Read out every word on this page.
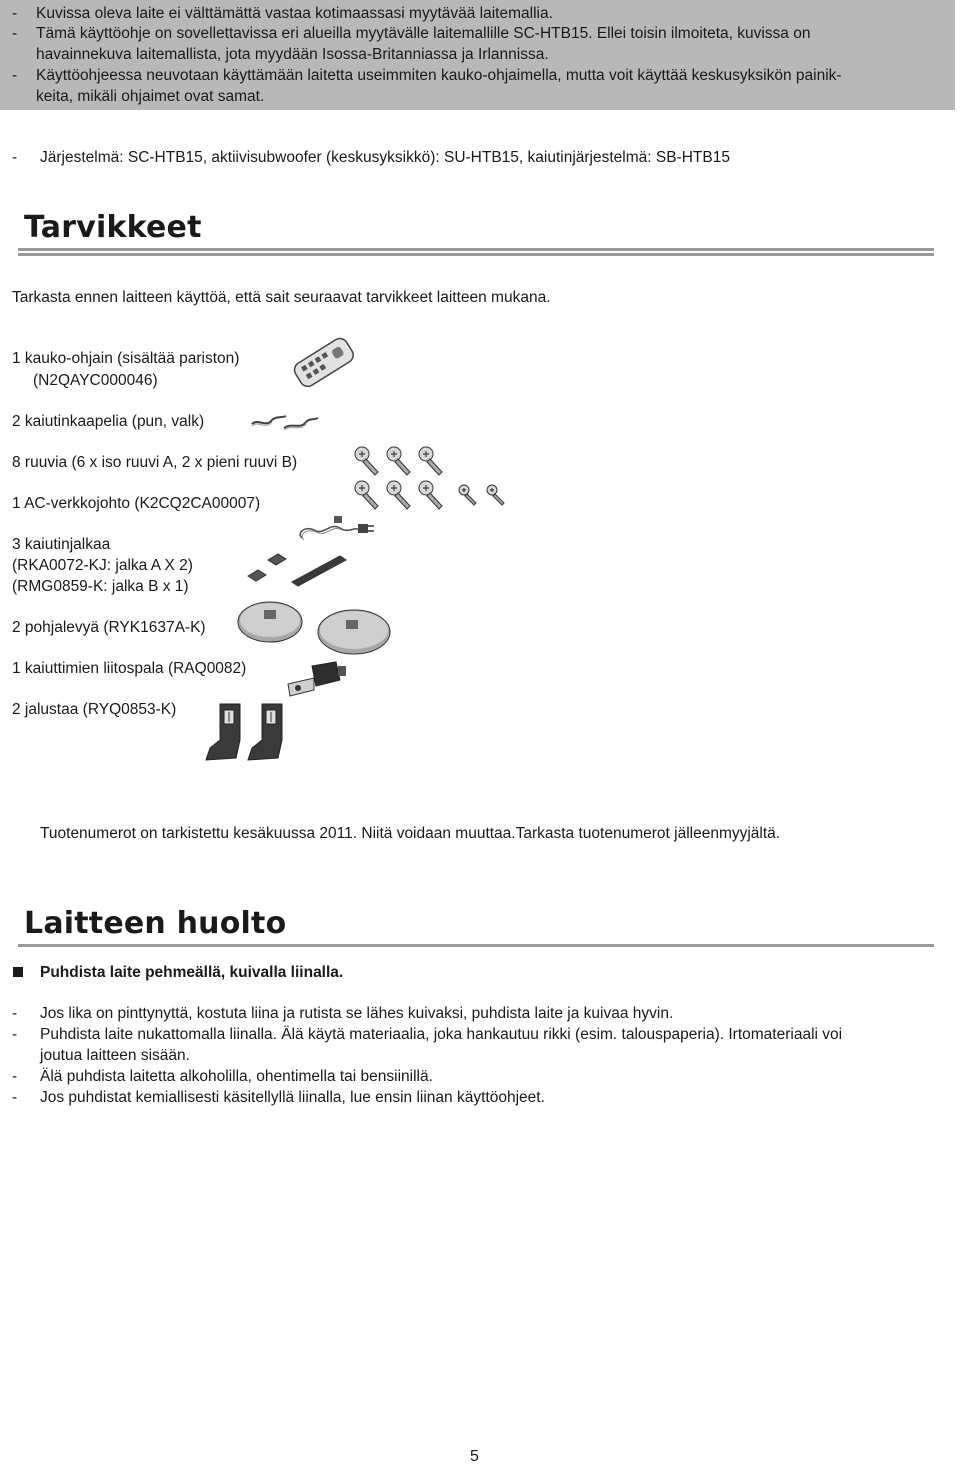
- Kuvissa oleva laite ei välttämättä vastaa kotimaassasi myytävää laitemallia.
- Tämä käyttöohje on sovellettavissa eri alueilla myytävälle laitemallille SC-HTB15. Ellei toisin ilmoiteta, kuvissa on
havainnekuva laitemallista, jota myydään Isossa-Britanniassa ja Irlannissa.
- Käyttöohjeessa neuvotaan käyttämään laitetta useimmiten kauko-ohjaimella, mutta voit käyttää keskusyksikön painik-
keita, mikäli ohjaimet ovat samat.
- Järjestelmä: SC-HTB15, aktiivisubwoofer (keskusyksikkö): SU-HTB15, kaiutinjärjestelmä: SB-HTB15
Tarvikkeet
Tarkasta ennen laitteen käyttöä, että sait seuraavat tarvikkeet laitteen mukana.
1 kauko-ohjain (sisältää pariston)
(N2QAYC000046)
2 kaiutinkaapelia (pun, valk)
8 ruuvia (6 x iso ruuvi A, 2 x pieni ruuvi B)
1 AC-verkkojohto (K2CQ2CA00007)
3 kaiutinjalkaa
(RKA0072-KJ: jalka A X 2)
(RMG0859-K: jalka B x 1)
2 pohjalevyä (RYK1637A-K)
1 kaiuttimien liitospala (RAQ0082)
2 jalustaa (RYQ0853-K)
Tuotenumerot on tarkistettu kesäkuussa 2011. Niitä voidaan muuttaa.Tarkasta tuotenumerot jälleenmyyjältä.
Laitteen huolto
Puhdista laite pehmeällä, kuivalla liinalla.
- Jos lika on pinttynyttä, kostuta liina ja rutista se lähes kuivaksi, puhdista laite ja kuivaa hyvin.
- Puhdista laite nukattomalla liinalla. Älä käytä materiaalia, joka hankautuu rikki (esim. talouspaperia). Irtomateriaali voi
joutua laitteen sisään.
- Älä puhdista laitetta alkoholilla, ohentimella tai bensiinillä.
- Jos puhdistat kemiallisesti käsitellyllä liinalla, lue ensin liinan käyttöohjeet.
5
